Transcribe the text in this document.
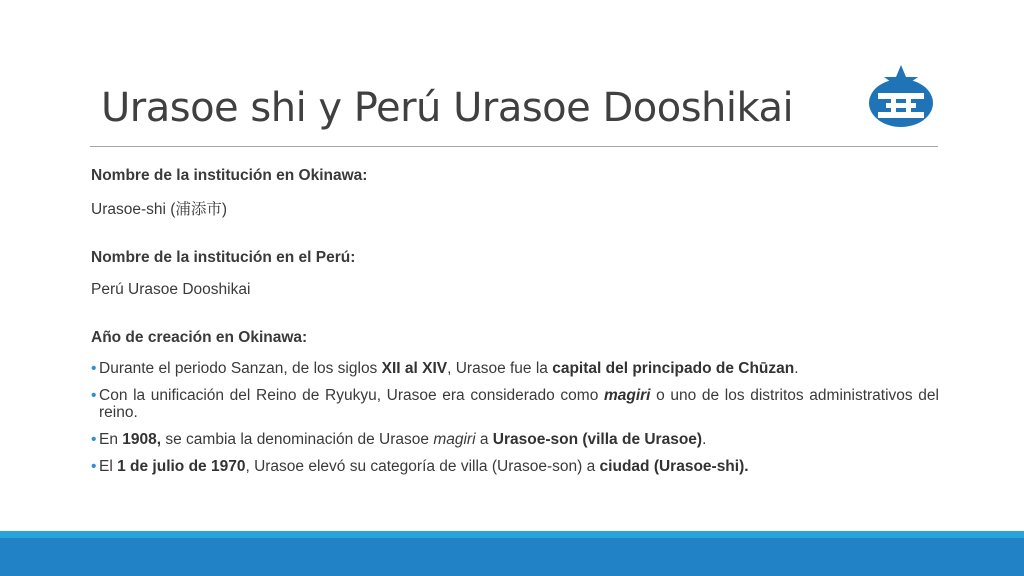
Urasoe shi y Perú Urasoe Dooshikai

Nombre de la institución en Okinawa:

Urasoe-shi (浦添市)

Nombre de la institución en el Perú:

Perú Urasoe Dooshikai

Año de creación en Okinawa:

• Durante el periodo Sanzan, de los siglos XII al XIV, Urasoe fue la capital del principado de Chūzan.
• Con la unificación del Reino de Ryukyu, Urasoe era considerado como magiri o uno de los distritos administrativos del reino.
• En 1908, se cambia la denominación de Urasoe magiri a Urasoe-son (villa de Urasoe).
• El 1 de julio de 1970, Urasoe elevó su categoría de villa (Urasoe-son) a ciudad (Urasoe-shi).
